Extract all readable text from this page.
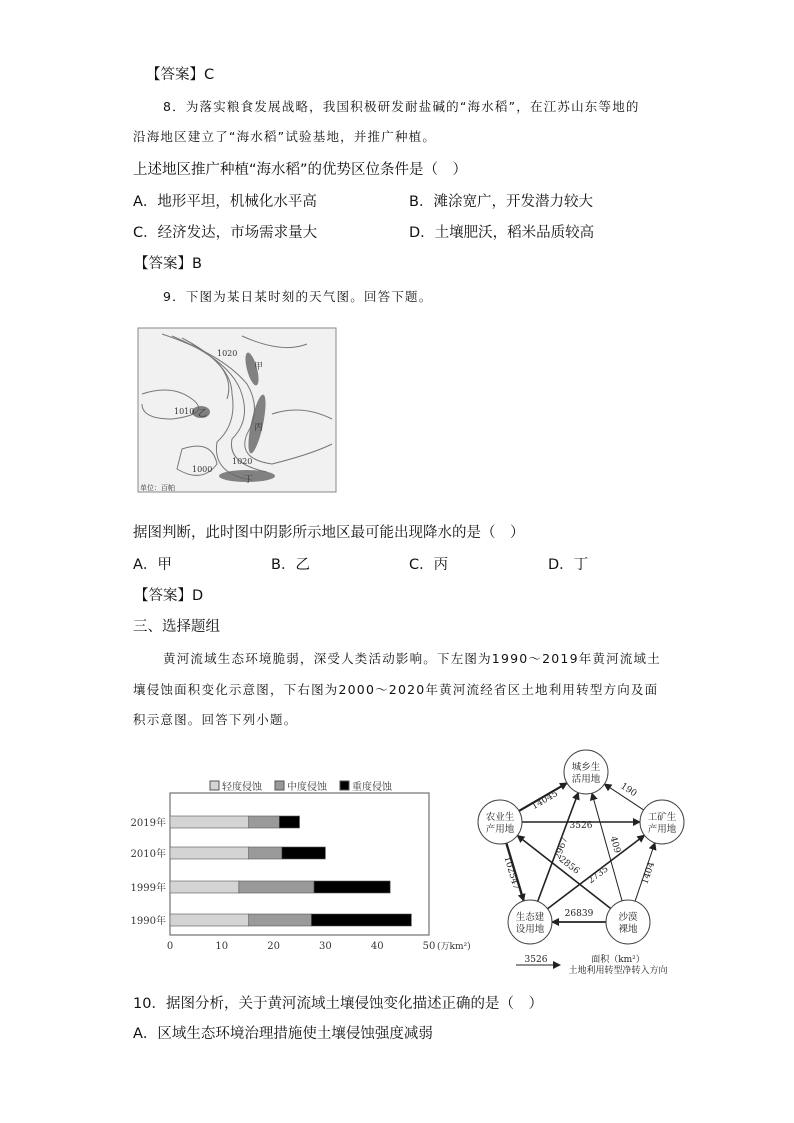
【答案】C
8．为落实粮食发展战略，我国积极研发耐盐碱的“海水稻”，在江苏山东等地的
沿海地区建立了“海水稻”试验基地，并推广种植。
上述地区推广种植“海水稻”的优势区位条件是（　）
A．地形平坦，机械化水平高	B．滩涂宽广，开发潜力较大
C．经济发达，市场需求量大	D．土壤肥沃，稻米品质较高
【答案】B
9．下图为某日某时刻的天气图。回答下题。
1020
1010
1000
1020
甲
乙
丙
丁
单位：百帕
据图判断，此时图中阴影所示地区最可能出现降水的是（　）
A．甲	B．乙	C．丙	D．丁
【答案】D
三、选择题组
黄河流域生态环境脆弱，深受人类活动影响。下左图为1990～2019年黄河流域土
壤侵蚀面积变化示意图，下右图为2000～2020年黄河流经省区土地利用转型方向及面
积示意图。回答下列小题。
轻度侵蚀	中度侵蚀	重度侵蚀
2019年
2010年
1999年
1990年
0	10	20	30	40	50 (万km²)
14045	190
3526
2967	409
102547	2856 2735	1404
26839
城乡生
活用地
农业生
产用地
工矿生
产用地
生态建
设用地
沙漠
裸地
3526	面积（km²）
土地利用转型净转入方向
10．据图分析，关于黄河流域土壤侵蚀变化描述正确的是（　）
A．区域生态环境治理措施使土壤侵蚀强度减弱
